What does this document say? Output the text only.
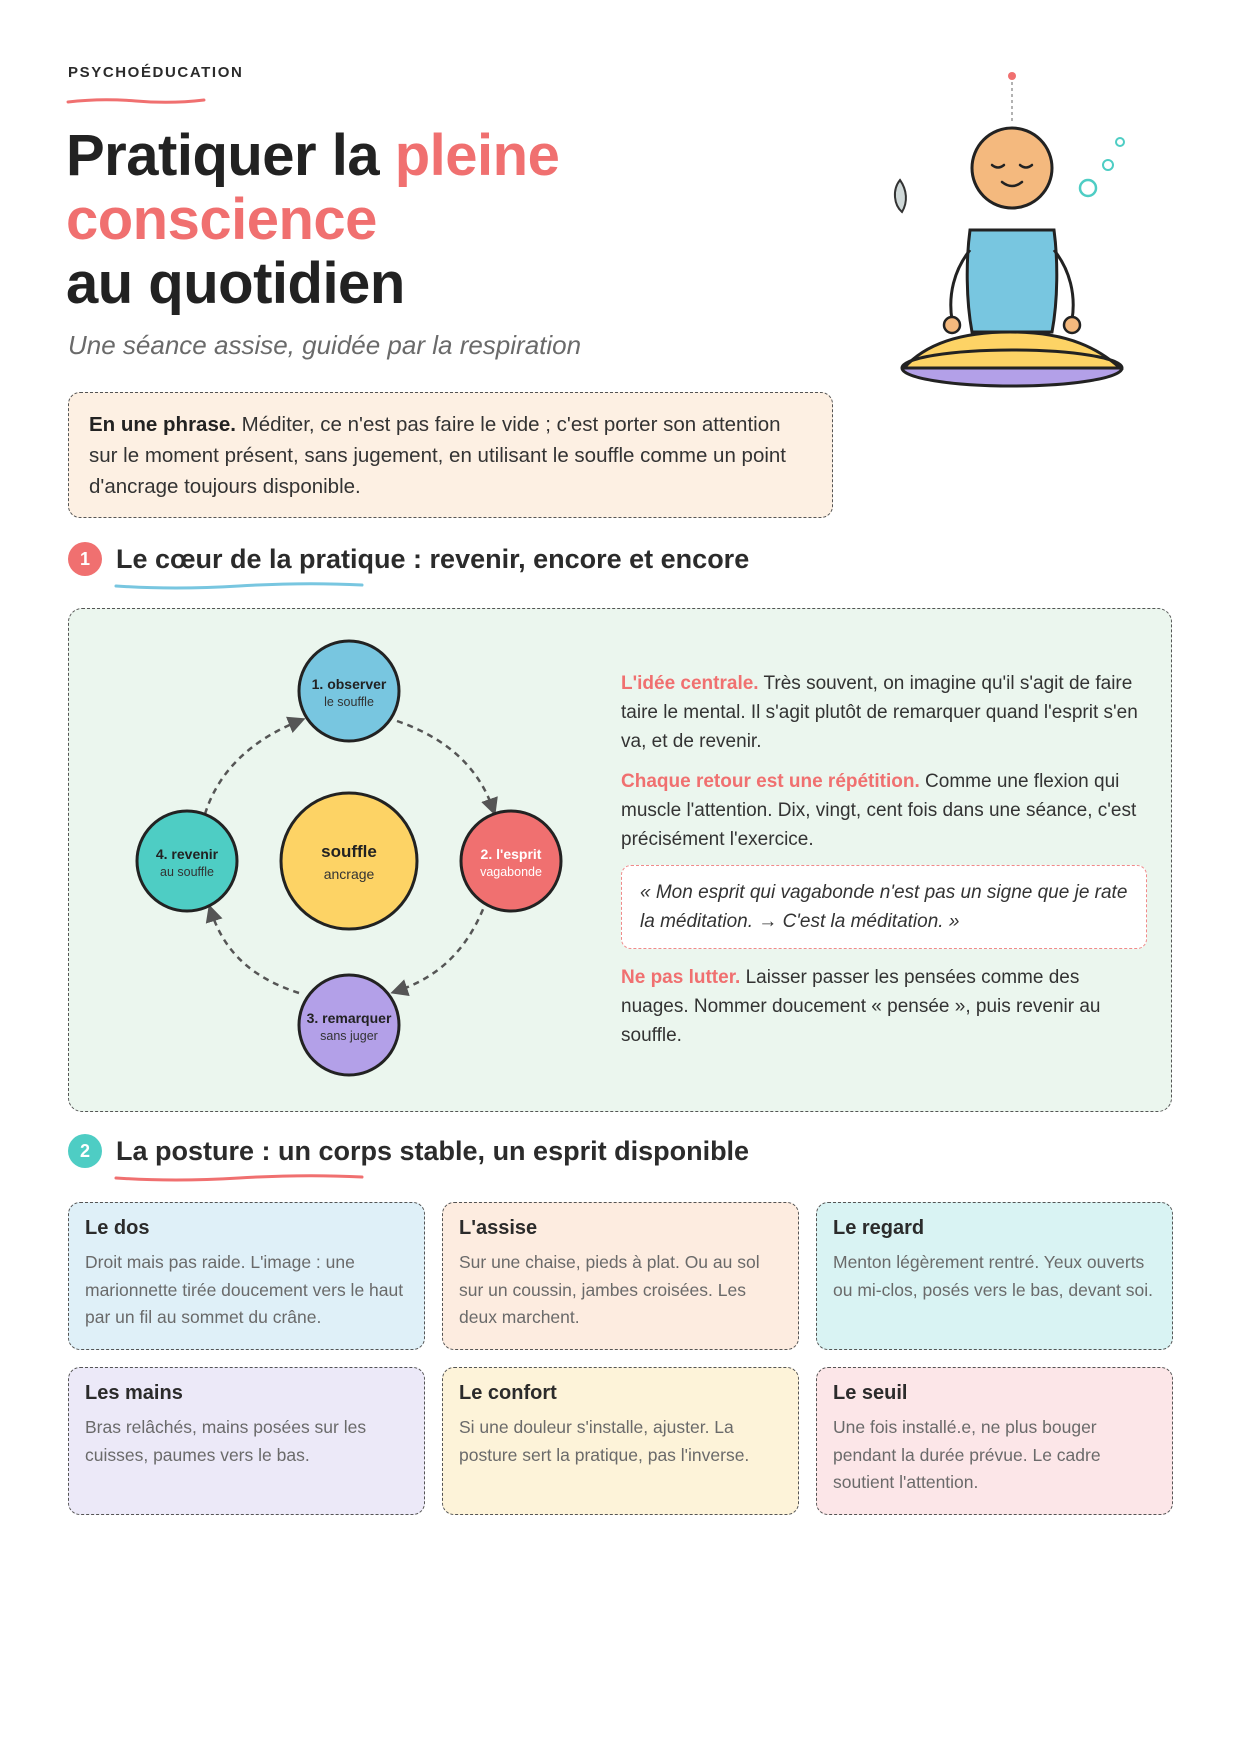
PSYCHOÉDUCATION
Pratiquer la pleine
conscience
au quotidien
Une séance assise, guidée par la respiration
En une phrase. Méditer, ce n'est pas faire le vide ; c'est porter son attention sur le moment présent, sans jugement, en utilisant le souffle comme un point d'ancrage toujours disponible.
1 Le cœur de la pratique : revenir, encore et encore
souffle
ancrage
1. observer
le souffle
2. l'esprit
vagabonde
3. remarquer
sans juger
4. revenir
au souffle

L'idée centrale. Très souvent, on imagine qu'il s'agit de faire taire le mental. Il s'agit plutôt de remarquer quand l'esprit s'en va, et de revenir.

Chaque retour est une répétition. Comme une flexion qui muscle l'attention. Dix, vingt, cent fois dans une séance, c'est précisément l'exercice.

« Mon esprit qui vagabonde n'est pas un signe que je rate la méditation. → C'est la méditation. »

Ne pas lutter. Laisser passer les pensées comme des nuages. Nommer doucement « pensée », puis revenir au souffle.

2 La posture : un corps stable, un esprit disponible
Le dos

Droit mais pas raide. L'image : une marionnette tirée doucement vers le haut par un fil au sommet du crâne.

L'assise

Sur une chaise, pieds à plat. Ou au sol sur un coussin, jambes croisées. Les deux marchent.

Le regard

Menton légèrement rentré. Yeux ouverts ou mi-clos, posés vers le bas, devant soi.

Les mains

Bras relâchés, mains posées sur les cuisses, paumes vers le bas.

Le confort

Si une douleur s'installe, ajuster. La posture sert la pratique, pas l'inverse.

Le seuil

Une fois installé.e, ne plus bouger pendant la durée prévue. Le cadre soutient l'attention.
